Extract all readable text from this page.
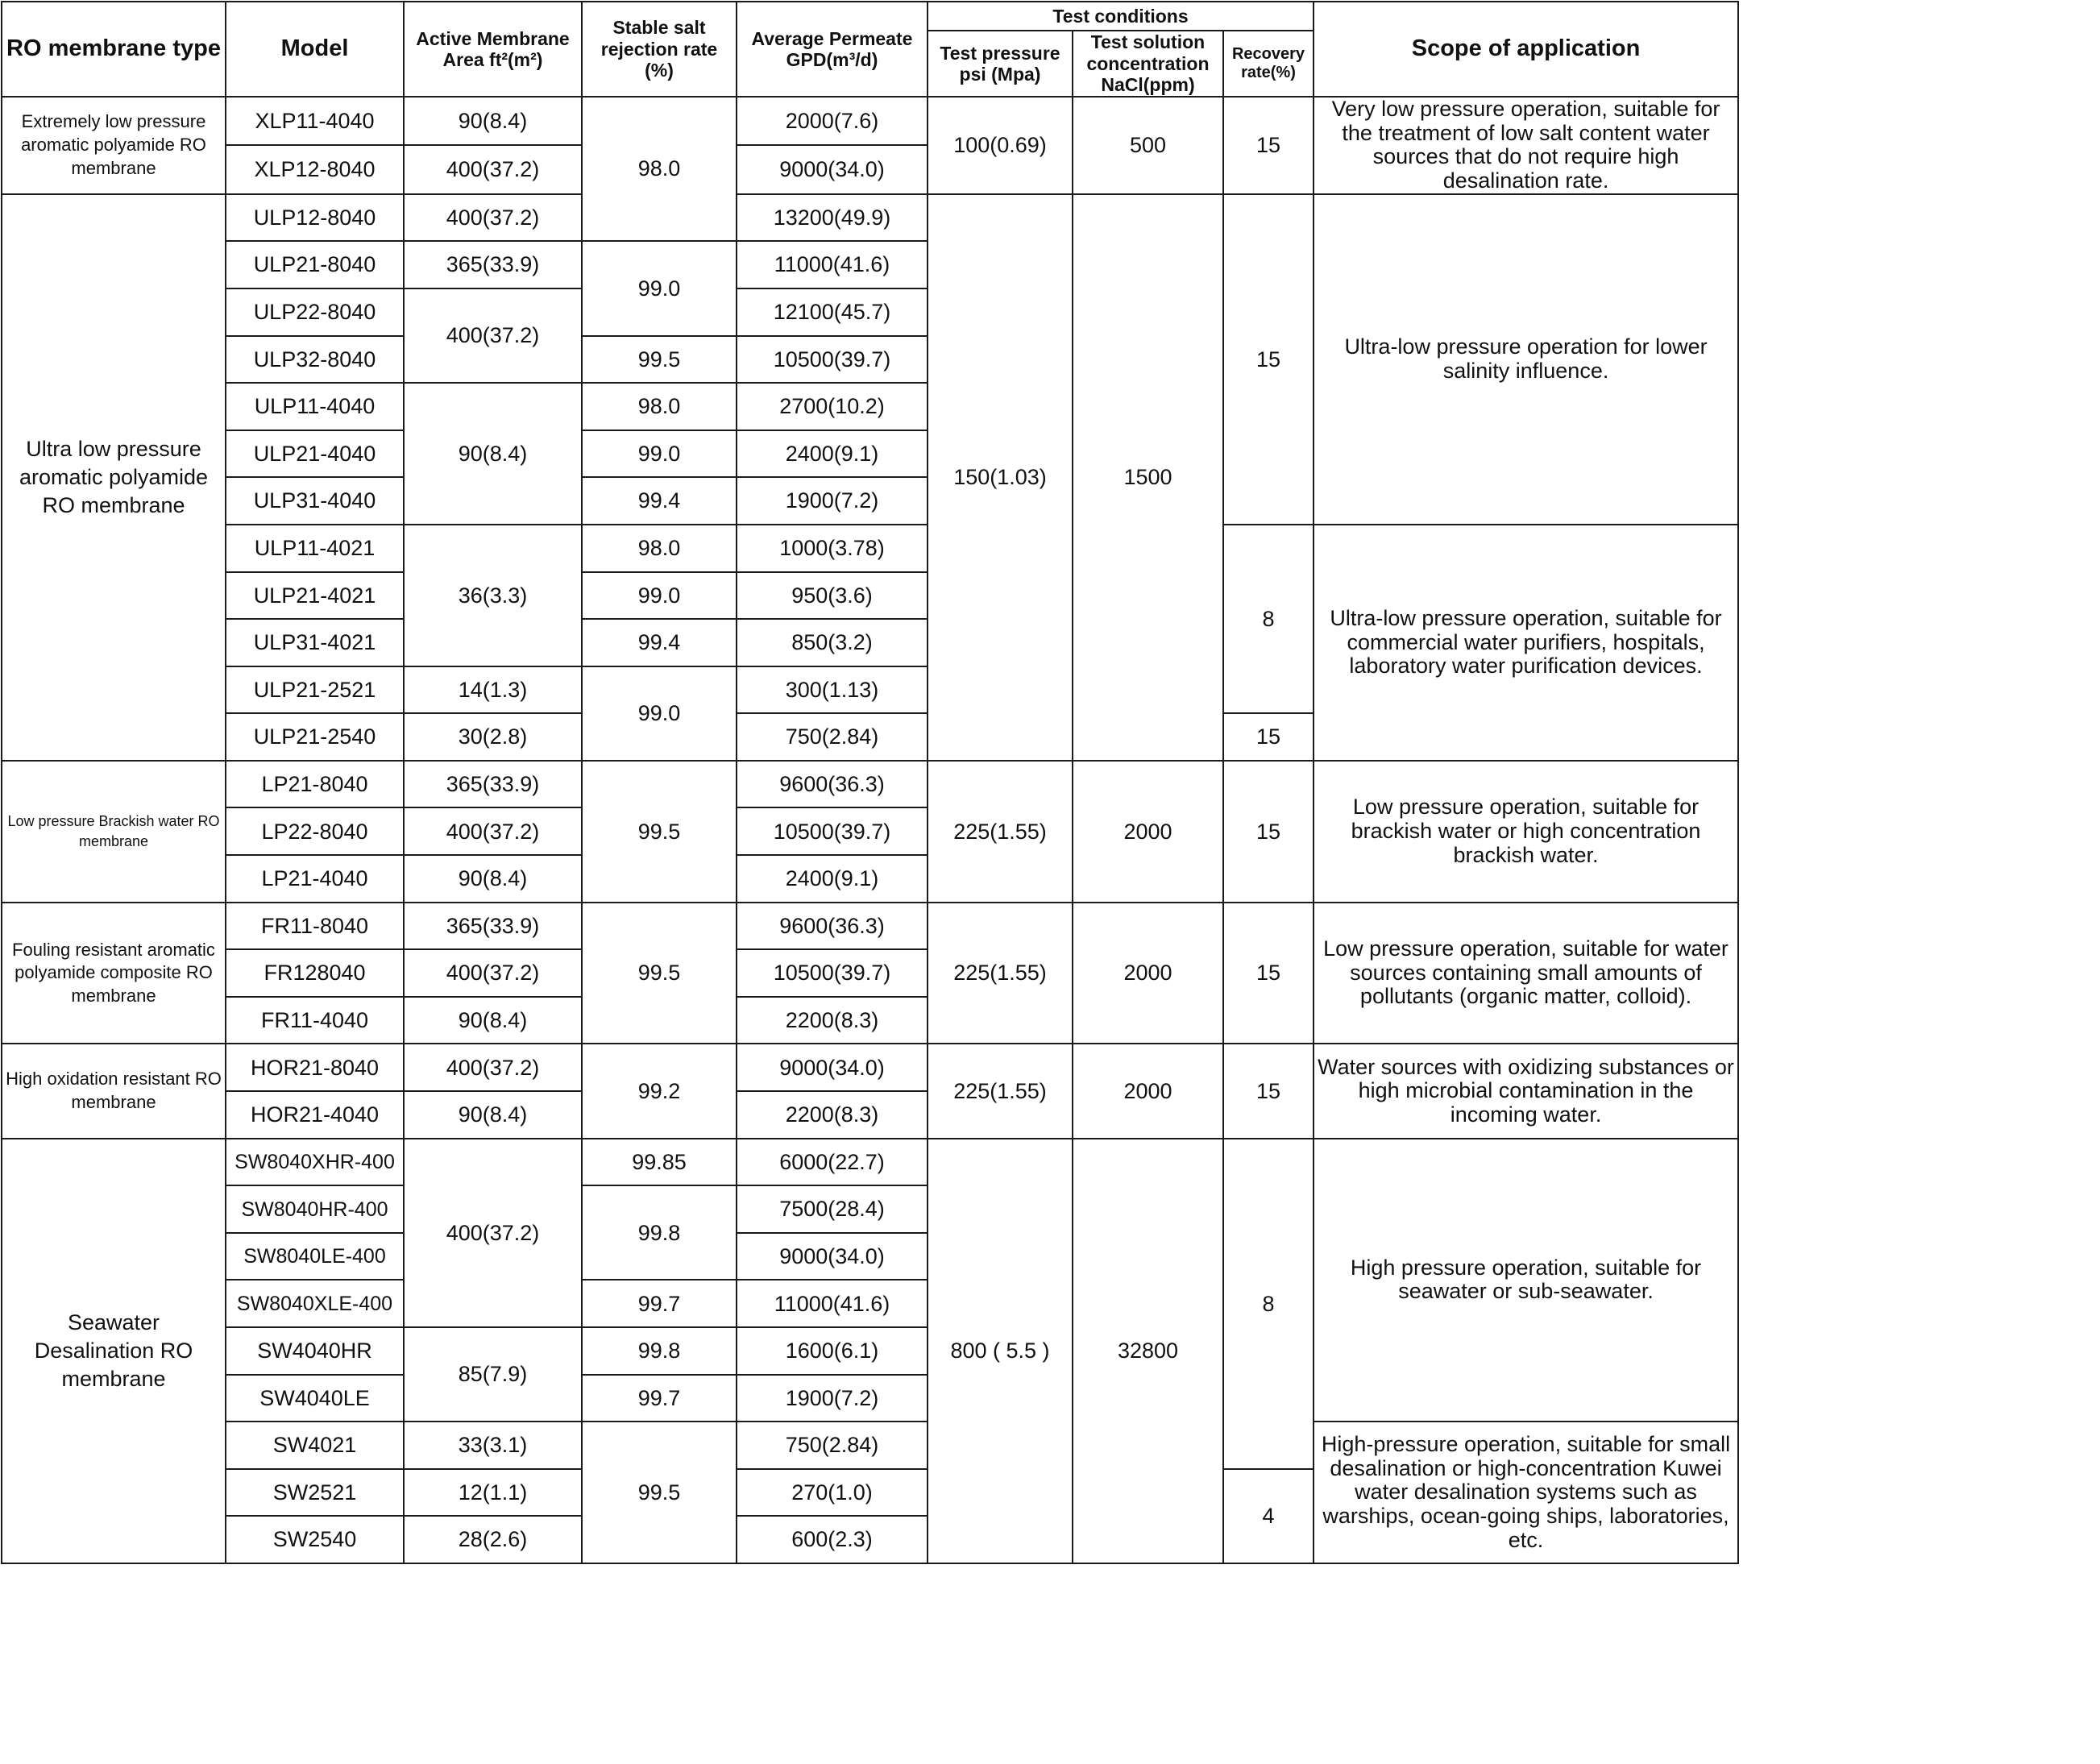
RO membrane type	Model	Active Membrane Area ft²(m²)	Stable salt rejection rate (%)	Average Permeate GPD(m³/d)	Test conditions			Scope of application
					Test pressure psi (Mpa)	Test solution concentration NaCl(ppm)	Recovery rate(%)	
Extremely low pressure aromatic polyamide RO membrane	XLP11-4040	90(8.4)	98.0	2000(7.6)	100(0.69)	500	15	Very low pressure operation, suitable for the treatment of low salt content water sources that do not require high desalination rate.
	XLP12-8040	400(37.2)		9000(34.0)				
Ultra low pressure aromatic polyamide RO membrane	ULP12-8040	400(37.2)		13200(49.9)	150(1.03)	1500	15	Ultra-low pressure operation for lower salinity influence.
	ULP21-8040	365(33.9)	99.0	11000(41.6)				
	ULP22-8040	400(37.2)		12100(45.7)				
	ULP32-8040		99.5	10500(39.7)				
	ULP11-4040	90(8.4)	98.0	2700(10.2)				
	ULP21-4040		99.0	2400(9.1)				
	ULP31-4040		99.4	1900(7.2)				
	ULP11-4021	36(3.3)	98.0	1000(3.78)			8	Ultra-low pressure operation, suitable for commercial water purifiers, hospitals, laboratory water purification devices.
	ULP21-4021		99.0	950(3.6)				
	ULP31-4021		99.4	850(3.2)				
	ULP21-2521	14(1.3)	99.0	300(1.13)				
	ULP21-2540	30(2.8)		750(2.84)			15	
Low pressure Brackish water RO membrane	LP21-8040	365(33.9)	99.5	9600(36.3)	225(1.55)	2000	15	Low pressure operation, suitable for brackish water or high concentration brackish water.
	LP22-8040	400(37.2)		10500(39.7)				
	LP21-4040	90(8.4)		2400(9.1)				
Fouling resistant aromatic polyamide composite RO membrane	FR11-8040	365(33.9)	99.5	9600(36.3)	225(1.55)	2000	15	Low pressure operation, suitable for water sources containing small amounts of pollutants (organic matter, colloid).
	FR128040	400(37.2)		10500(39.7)				
	FR11-4040	90(8.4)		2200(8.3)				
High oxidation resistant RO membrane	HOR21-8040	400(37.2)	99.2	9000(34.0)	225(1.55)	2000	15	Water sources with oxidizing substances or high microbial contamination in the incoming water.
	HOR21-4040	90(8.4)		2200(8.3)				
Seawater Desalination RO membrane	SW8040XHR-400	400(37.2)	99.85	6000(22.7)	800 ( 5.5 )	32800	8	High pressure operation, suitable for seawater or sub-seawater.
	SW8040HR-400		99.8	7500(28.4)				
	SW8040LE-400			9000(34.0)				
	SW8040XLE-400		99.7	11000(41.6)				
	SW4040HR	85(7.9)	99.8	1600(6.1)				
	SW4040LE		99.7	1900(7.2)				
	SW4021	33(3.1)	99.5	750(2.84)				High-pressure operation, suitable for small desalination or high-concentration Kuwei water desalination systems such as warships, ocean-going ships, laboratories, etc.
	SW2521	12(1.1)		270(1.0)			4	
	SW2540	28(2.6)		600(2.3)				
